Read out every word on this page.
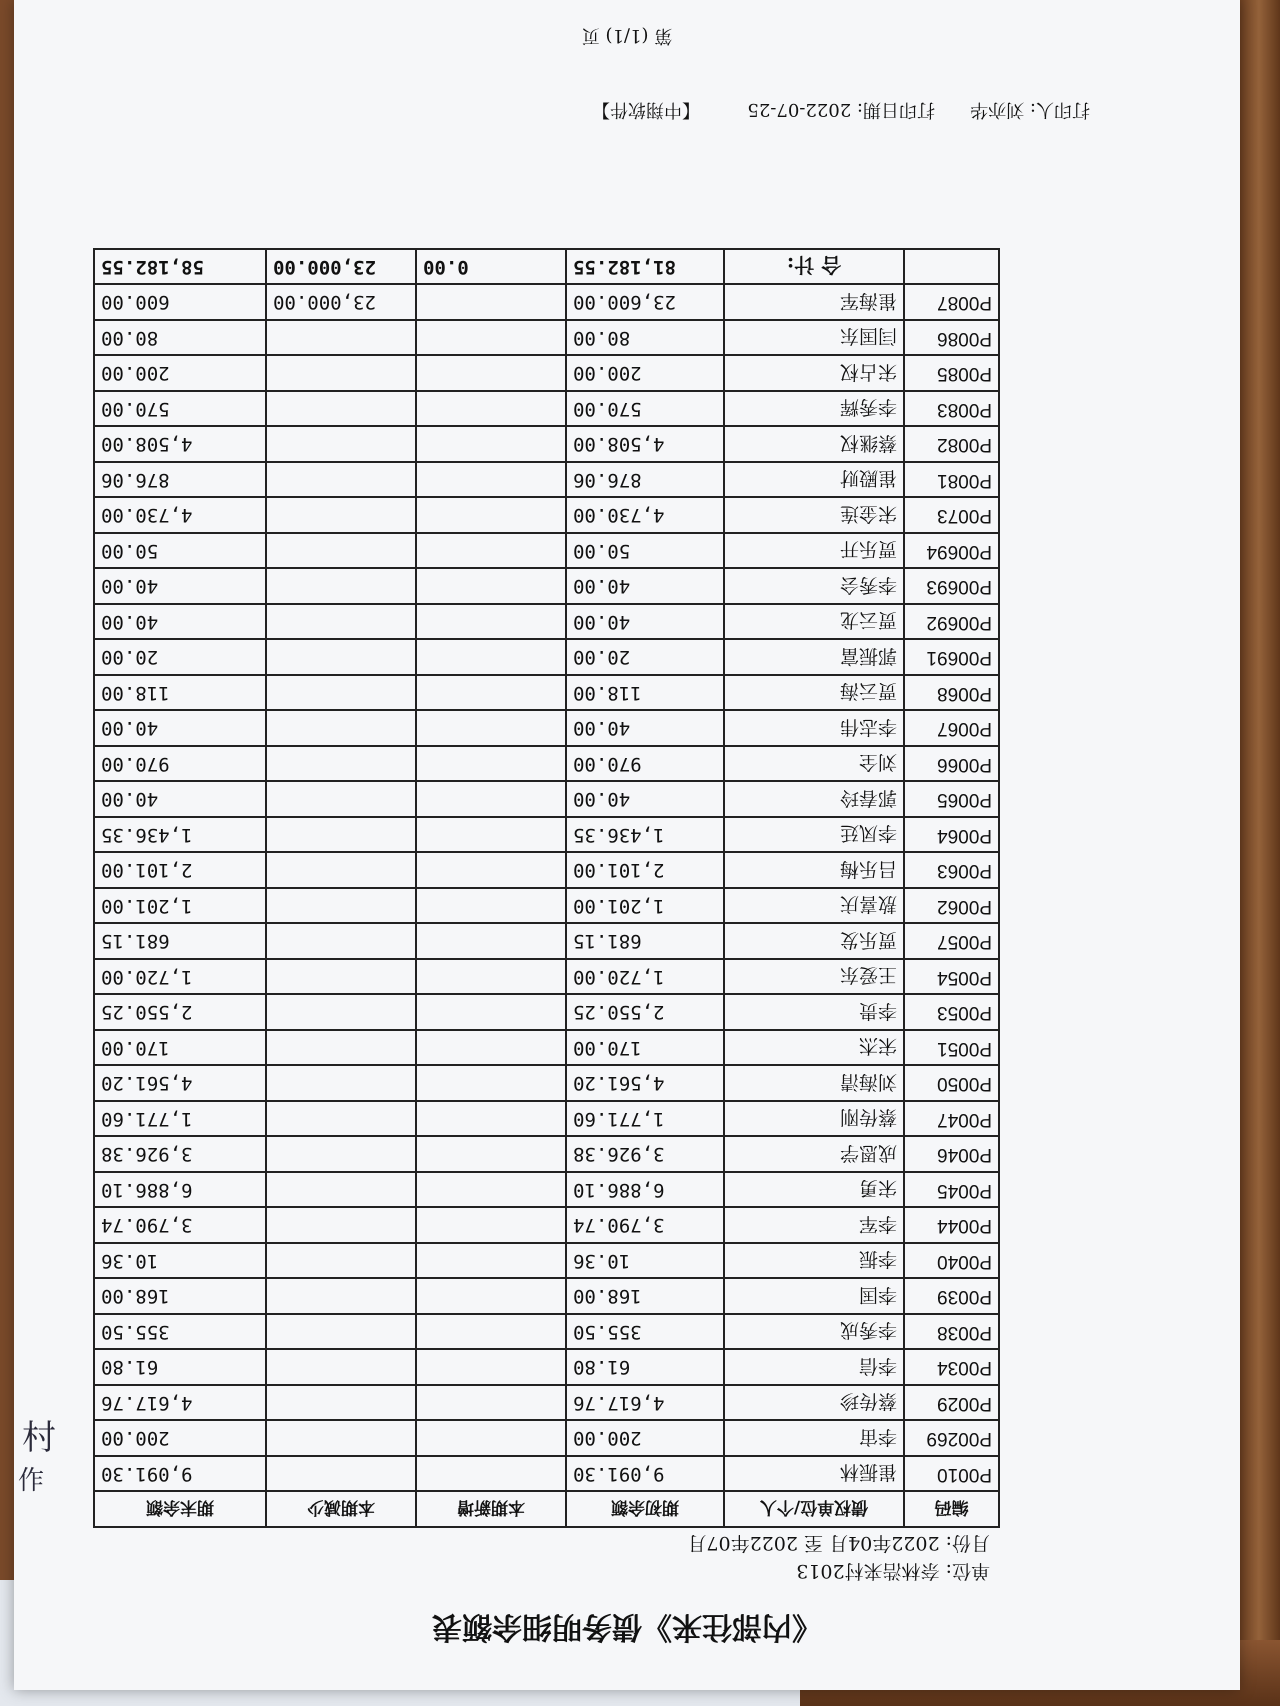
《内部往来》债务明细余额表
单位:奈林浩来村2013
月份:2022年04月 至 2022年07月
编码	债权单位/个人	期初余额	本期新增	本期减少	期末余额
P0010	崔振林	9,091.30			9,091.30
P00269	李宙	200.00			200.00
P0029	蔡传珍	4,617.76			4,617.76
P0034	李信	61.80			61.80
P0038	李秀成	355.50			355.50
P0039	李国	168.00			168.00
P0040	李振	10.36			10.36
P0044	李军	3,790.74			3,790.74
P0045	宋勇	6,886.10			6,886.10
P0046	成恩学	3,926.38			3,926.38
P0047	蔡传刚	1,771.60			1,771.60
P0050	刘海清	4,561.20			4,561.20
P0051	宋杰	170.00			170.00
P0053	李贵	2,550.25			2,550.25
P0054	王爱东	1,720.00			1,720.00
P0057	贾乐发	681.15			681.15
P0062	敖喜庆	1,201.00			1,201.00
P0063	吕乐梅	2,101.00			2,101.00
P0064	李凤廷	1,436.35			1,436.35
P0065	郭春玲	40.00			40.00
P0066	刘全	970.00			970.00
P0067	李志伟	40.00			40.00
P0068	贾云海	118.00			118.00
P00691	郭振富	20.00			20.00
P00692	贾云龙	40.00			40.00
P00693	李秀会	40.00			40.00
P00694	贾乐开	50.00			50.00
P0073	宋金连	4,730.00			4,730.00
P0081	崔殿财	876.06			876.06
P0082	蔡继权	4,508.00			4,508.00
P0083	李秀辉	570.00			570.00
P0085	宋占权	200.00			200.00
P0086	闫国东	80.00			80.00
P0087	崔海军	23,600.00		23,000.00	600.00
	合 计:	81,182.55	0.00	23,000.00	58,182.55
打印人: 刘亦华
打印日期: 2022-07-25
【中翔软件】
第 (1/1) 页
村
作
